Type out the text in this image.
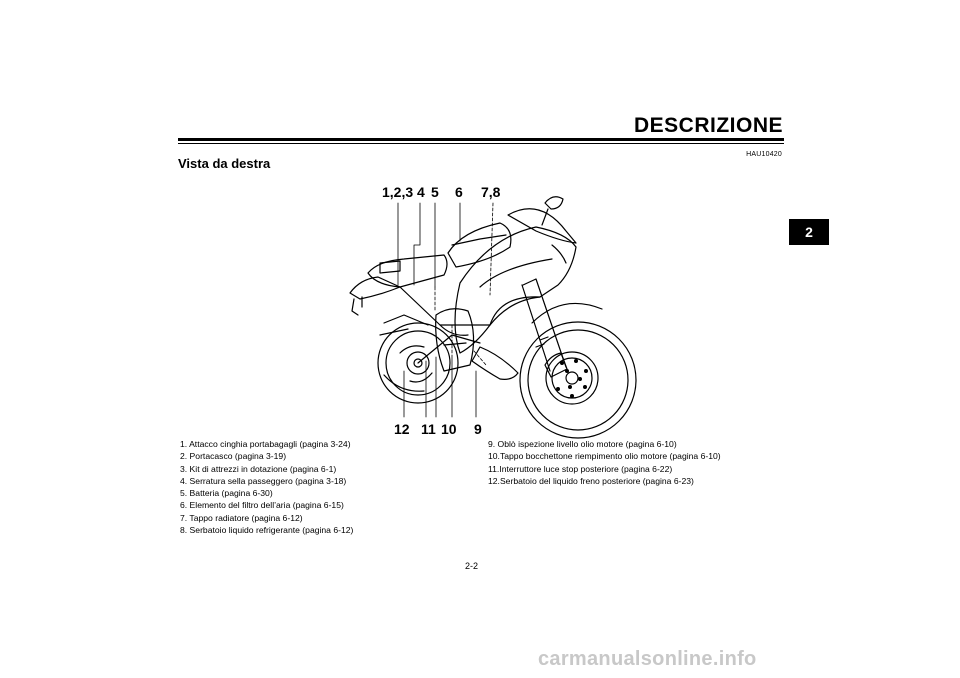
DESCRIZIONE
2
HAU10420
Vista da destra
1,2,3 4 5 6 7,8
12 11 10 9
1. Attacco cinghia portabagagli (pagina 3-24)
2. Portacasco (pagina 3-19)
3. Kit di attrezzi in dotazione (pagina 6-1)
4. Serratura sella passeggero (pagina 3-18)
5. Batteria (pagina 6-30)
6. Elemento del filtro dell’aria (pagina 6-15)
7. Tappo radiatore (pagina 6-12)
8. Serbatoio liquido refrigerante (pagina 6-12)
9. Oblò ispezione livello olio motore (pagina 6-10)
10.Tappo bocchettone riempimento olio motore (pagina 6-10)
11.Interruttore luce stop posteriore (pagina 6-22)
12.Serbatoio del liquido freno posteriore (pagina 6-23)
2-2
carmanualsonline.info
